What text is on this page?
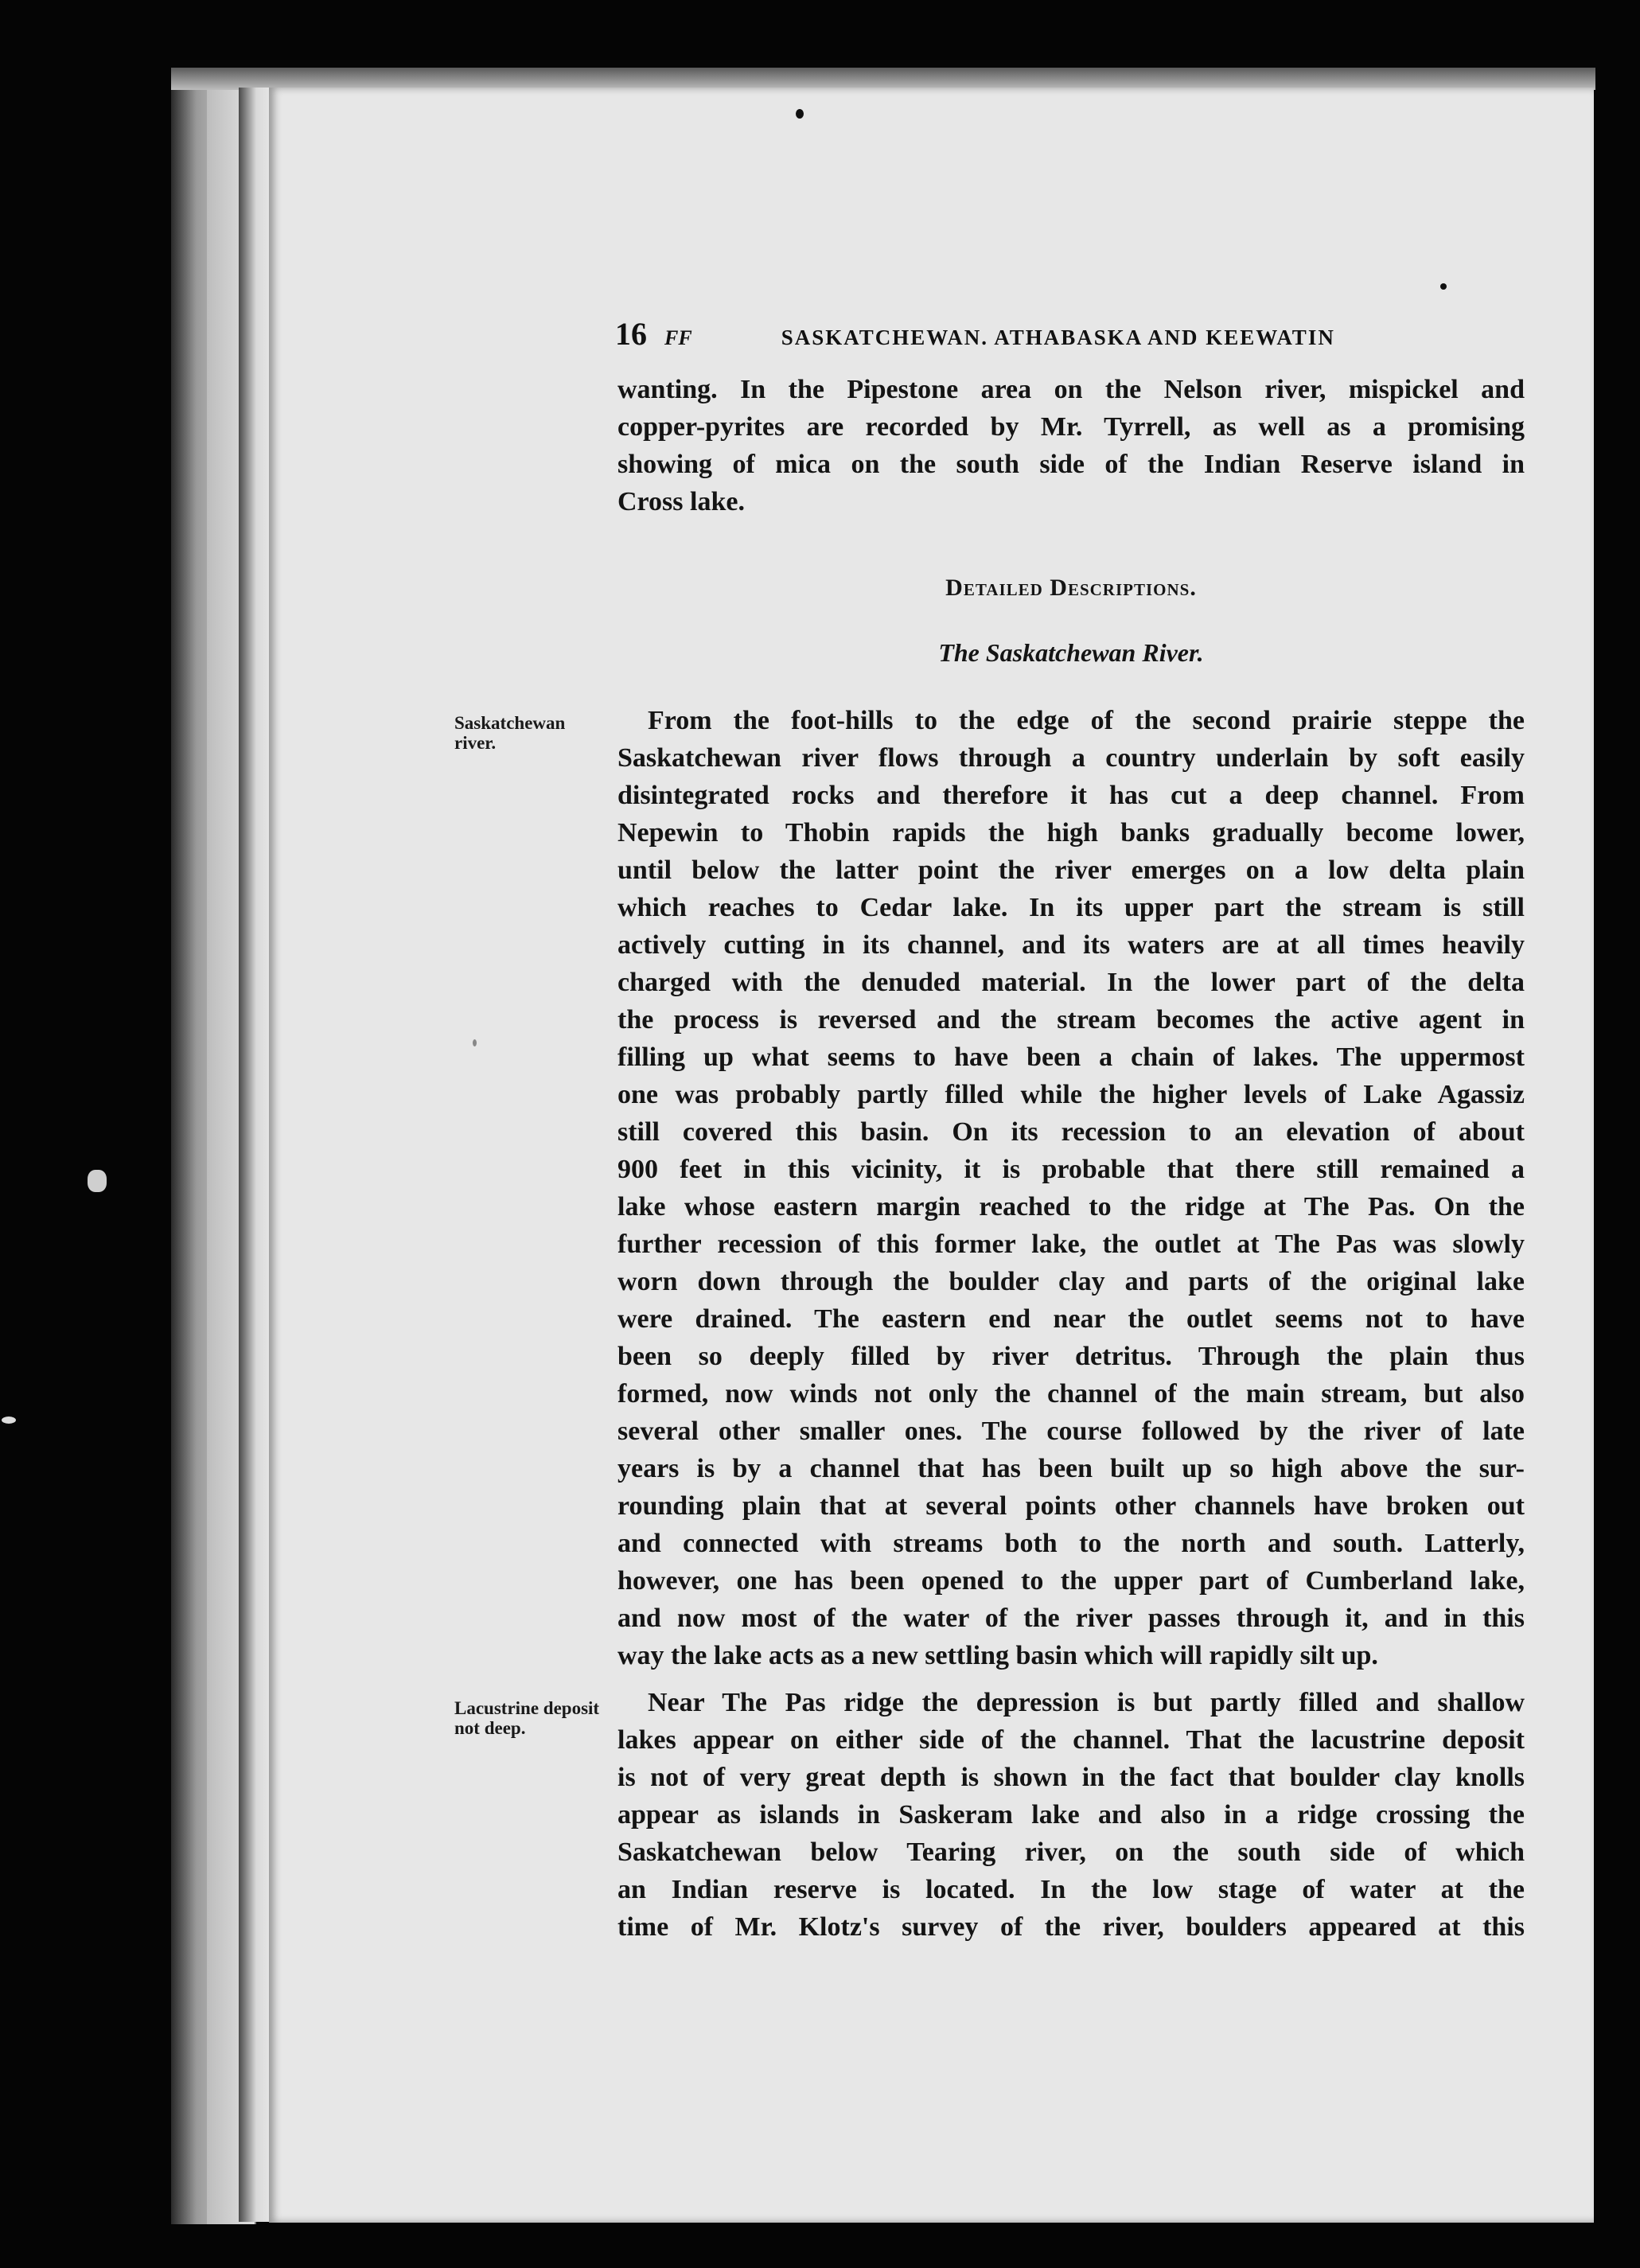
16 FF	SASKATCHEWAN. ATHABASKA AND KEEWATIN
wanting. In the Pipestone area on the Nelson river, mispickel and
copper-pyrites are recorded by Mr. Tyrrell, as well as a promising
showing of mica on the south side of the Indian Reserve island in
Cross lake.
Detailed Descriptions.
The Saskatchewan River.
Saskatchewan river.
Lacustrine deposit not deep.
From the foot-hills to the edge of the second prairie steppe the
Saskatchewan river flows through a country underlain by soft easily
disintegrated rocks and therefore it has cut a deep channel. From
Nepewin to Thobin rapids the high banks gradually become lower,
until below the latter point the river emerges on a low delta plain
which reaches to Cedar lake. In its upper part the stream is still
actively cutting in its channel, and its waters are at all times heavily
charged with the denuded material. In the lower part of the delta
the process is reversed and the stream becomes the active agent in
filling up what seems to have been a chain of lakes. The uppermost
one was probably partly filled while the higher levels of Lake Agassiz
still covered this basin. On its recession to an elevation of about
900 feet in this vicinity, it is probable that there still remained a
lake whose eastern margin reached to the ridge at The Pas. On the
further recession of this former lake, the outlet at The Pas was slowly
worn down through the boulder clay and parts of the original lake
were drained. The eastern end near the outlet seems not to have
been so deeply filled by river detritus. Through the plain thus
formed, now winds not only the channel of the main stream, but also
several other smaller ones. The course followed by the river of late
years is by a channel that has been built up so high above the sur-
rounding plain that at several points other channels have broken out
and connected with streams both to the north and south. Latterly,
however, one has been opened to the upper part of Cumberland lake,
and now most of the water of the river passes through it, and in this
way the lake acts as a new settling basin which will rapidly silt up.
Near The Pas ridge the depression is but partly filled and shallow
lakes appear on either side of the channel. That the lacustrine deposit
is not of very great depth is shown in the fact that boulder clay knolls
appear as islands in Saskeram lake and also in a ridge crossing the
Saskatchewan below Tearing river, on the south side of which
an Indian reserve is located. In the low stage of water at the
time of Mr. Klotz's survey of the river, boulders appeared at this
